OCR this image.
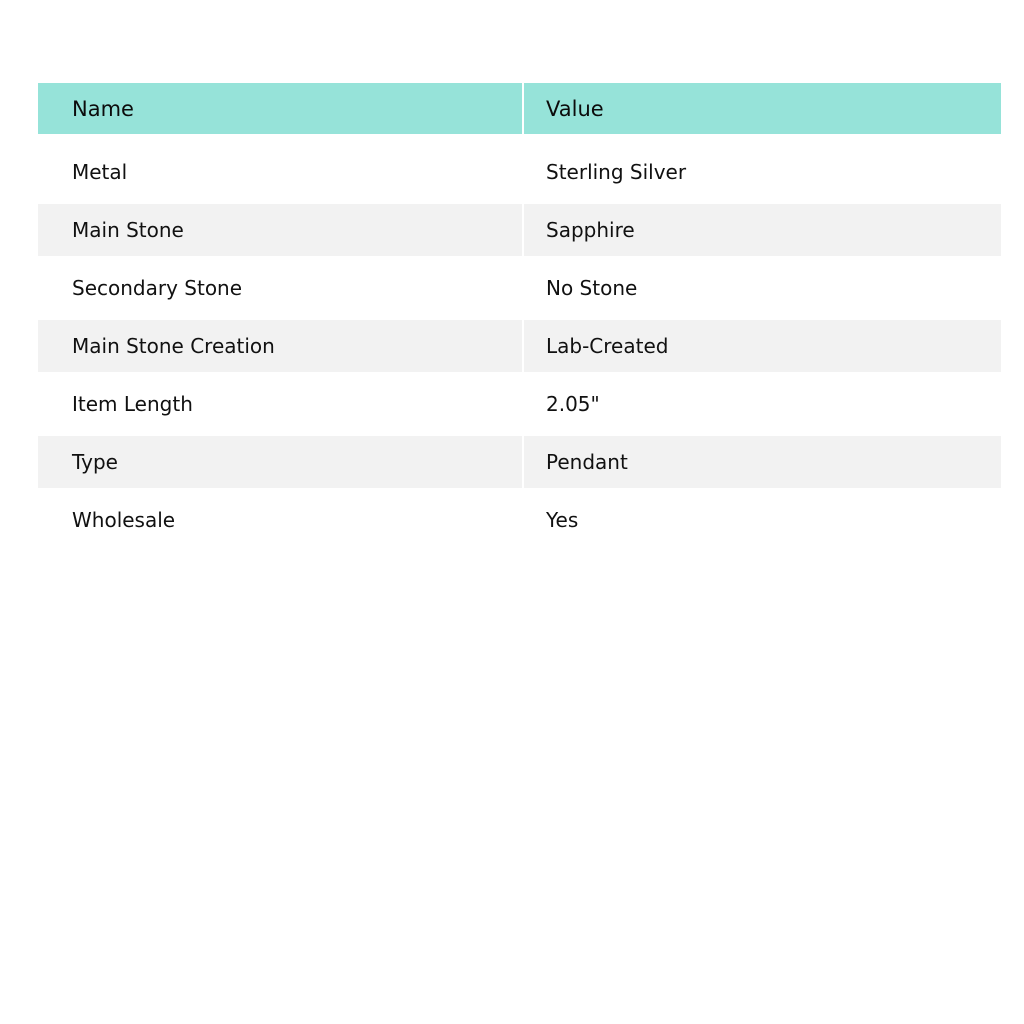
Name	Value
Metal	Sterling Silver
Main Stone	Sapphire
Secondary Stone	No Stone
Main Stone Creation	Lab-Created
Item Length	2.05"
Type	Pendant
Wholesale	Yes
